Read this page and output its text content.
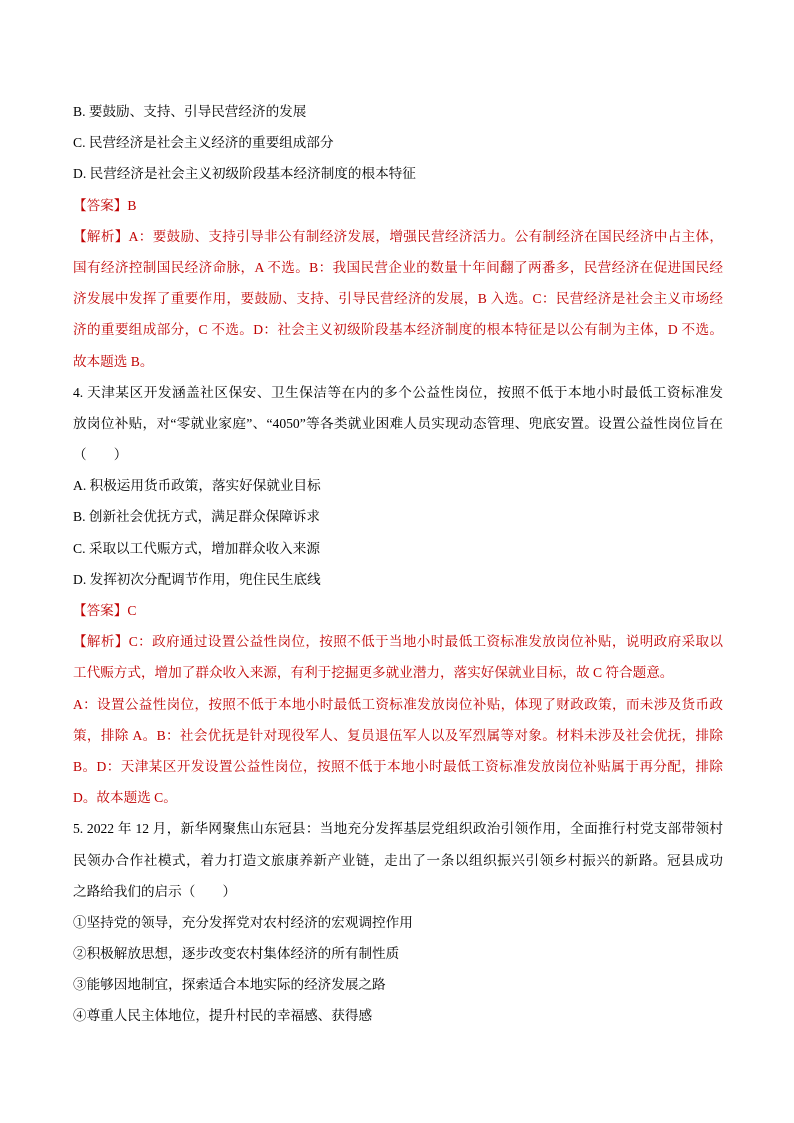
B. 要鼓励、支持、引导民营经济的发展
C. 民营经济是社会主义经济的重要组成部分
D. 民营经济是社会主义初级阶段基本经济制度的根本特征
【答案】B
【解析】A：要鼓励、支持引导非公有制经济发展，增强民营经济活力。公有制经济在国民经济中占主体，
国有经济控制国民经济命脉，A 不选。B：我国民营企业的数量十年间翻了两番多，民营经济在促进国民经
济发展中发挥了重要作用，要鼓励、支持、引导民营经济的发展，B 入选。C：民营经济是社会主义市场经
济的重要组成部分，C 不选。D：社会主义初级阶段基本经济制度的根本特征是以公有制为主体，D 不选。
故本题选 B。
4. 天津某区开发涵盖社区保安、卫生保洁等在内的多个公益性岗位，按照不低于本地小时最低工资标准发
放岗位补贴，对“零就业家庭”、“4050”等各类就业困难人员实现动态管理、兜底安置。设置公益性岗位旨在
（　　）
A. 积极运用货币政策，落实好保就业目标
B. 创新社会优抚方式，满足群众保障诉求
C. 采取以工代赈方式，增加群众收入来源
D. 发挥初次分配调节作用，兜住民生底线
【答案】C
【解析】C：政府通过设置公益性岗位，按照不低于当地小时最低工资标准发放岗位补贴，说明政府采取以
工代赈方式，增加了群众收入来源，有利于挖掘更多就业潜力，落实好保就业目标，故 C 符合题意。
A：设置公益性岗位，按照不低于本地小时最低工资标准发放岗位补贴，体现了财政政策，而未涉及货币政
策，排除 A。B：社会优抚是针对现役军人、复员退伍军人以及军烈属等对象。材料未涉及社会优抚，排除
B。D：天津某区开发设置公益性岗位，按照不低于本地小时最低工资标准发放岗位补贴属于再分配，排除
D。故本题选 C。
5. 2022 年 12 月，新华网聚焦山东冠县：当地充分发挥基层党组织政治引领作用，全面推行村党支部带领村
民领办合作社模式，着力打造文旅康养新产业链，走出了一条以组织振兴引领乡村振兴的新路。冠县成功
之路给我们的启示（　　）
①坚持党的领导，充分发挥党对农村经济的宏观调控作用
②积极解放思想，逐步改变农村集体经济的所有制性质
③能够因地制宜，探索适合本地实际的经济发展之路
④尊重人民主体地位，提升村民的幸福感、获得感
